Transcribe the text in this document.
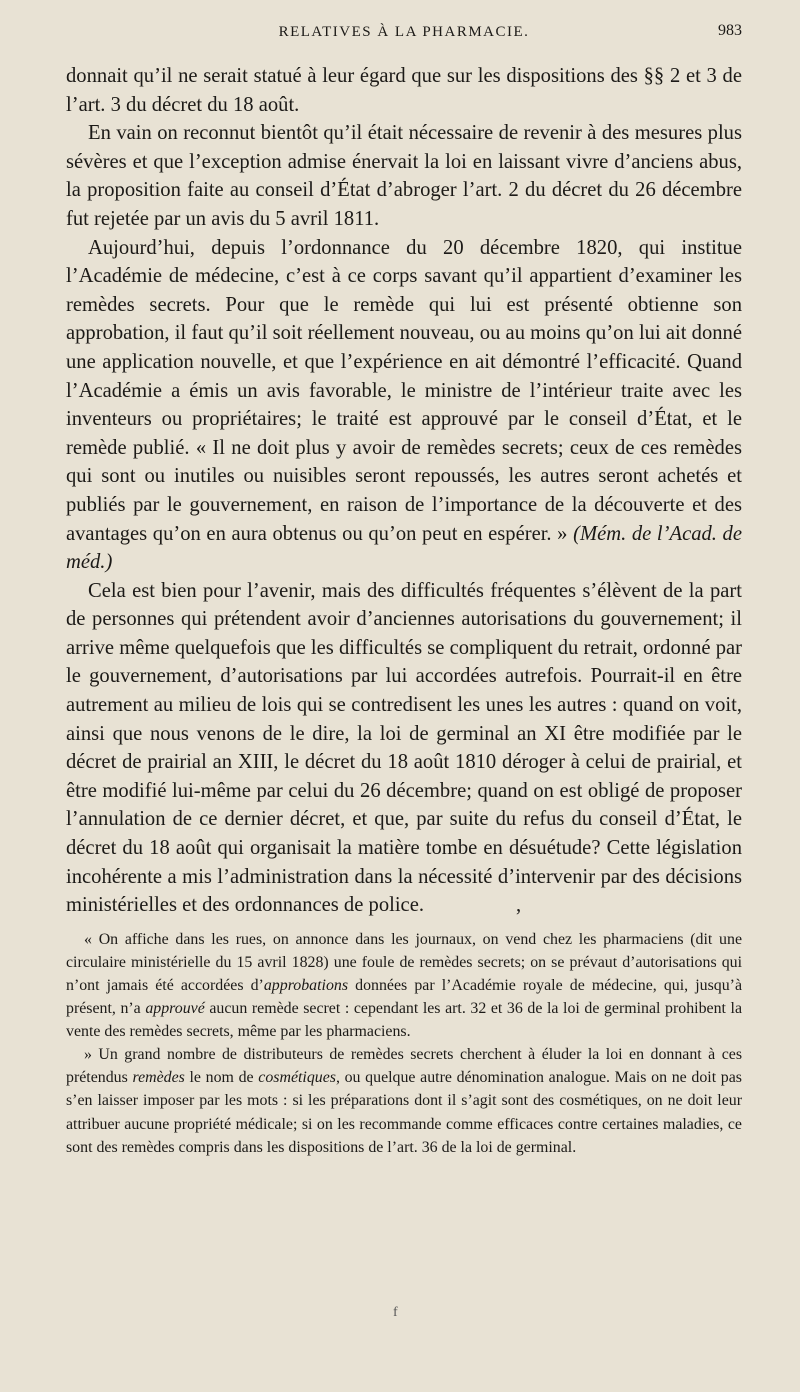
RELATIVES À LA PHARMACIE.	983

donnait qu’il ne serait statué à leur égard que sur les dispositions des §§ 2 et 3 de l’art. 3 du décret du 18 août.

En vain on reconnut bientôt qu’il était nécessaire de revenir à des mesures plus sévères et que l’exception admise énervait la loi en laissant vivre d’anciens abus, la proposition faite au conseil d’État d’abroger l’art. 2 du décret du 26 décembre fut rejetée par un avis du 5 avril 1811.

Aujourd’hui, depuis l’ordonnance du 20 décembre 1820, qui institue l’Académie de médecine, c’est à ce corps savant qu’il appartient d’examiner les remèdes secrets. Pour que le remède qui lui est présenté obtienne son approbation, il faut qu’il soit réellement nouveau, ou au moins qu’on lui ait donné une application nouvelle, et que l’expérience en ait démontré l’efficacité. Quand l’Académie a émis un avis favorable, le ministre de l’intérieur traite avec les inventeurs ou propriétaires; le traité est approuvé par le conseil d’État, et le remède publié. « Il ne doit plus y avoir de remèdes secrets; ceux de ces remèdes qui sont ou inutiles ou nuisibles seront repoussés, les autres seront achetés et publiés par le gouvernement, en raison de l’importance de la découverte et des avantages qu’on en aura obtenus ou qu’on peut en espérer. » (Mém. de l’Acad. de méd.)

Cela est bien pour l’avenir, mais des difficultés fréquentes s’élèvent de la part de personnes qui prétendent avoir d’anciennes autorisations du gouvernement; il arrive même quelquefois que les difficultés se compliquent du retrait, ordonné par le gouvernement, d’autorisations par lui accordées autrefois. Pourrait-il en être autrement au milieu de lois qui se contredisent les unes les autres : quand on voit, ainsi que nous venons de le dire, la loi de germinal an XI être modifiée par le décret de prairial an XIII, le décret du 18 août 1810 déroger à celui de prairial, et être modifié lui-même par celui du 26 décembre; quand on est obligé de proposer l’annulation de ce dernier décret, et que, par suite du refus du conseil d’État, le décret du 18 août qui organisait la matière tombe en désuétude? Cette législation incohérente a mis l’administration dans la nécessité d’intervenir par des décisions ministérielles et des ordonnances de police.	,

« On affiche dans les rues, on annonce dans les journaux, on vend chez les pharmaciens (dit une circulaire ministérielle du 15 avril 1828) une foule de remèdes secrets; on se prévaut d’autorisations qui n’ont jamais été accordées d’approbations données par l’Académie royale de médecine, qui, jusqu’à présent, n’a approuvé aucun remède secret : cependant les art. 32 et 36 de la loi de germinal prohibent la vente des remèdes secrets, même par les pharmaciens.

» Un grand nombre de distributeurs de remèdes secrets cherchent à éluder la loi en donnant à ces prétendus remèdes le nom de cosmétiques, ou quelque autre dénomination analogue. Mais on ne doit pas s’en laisser imposer par les mots : si les préparations dont il s’agit sont des cosmétiques, on ne doit leur attribuer aucune propriété médicale; si on les recommande comme efficaces contre certaines maladies, ce sont des remèdes compris dans les dispositions de l’art. 36 de la loi de germinal.

f
